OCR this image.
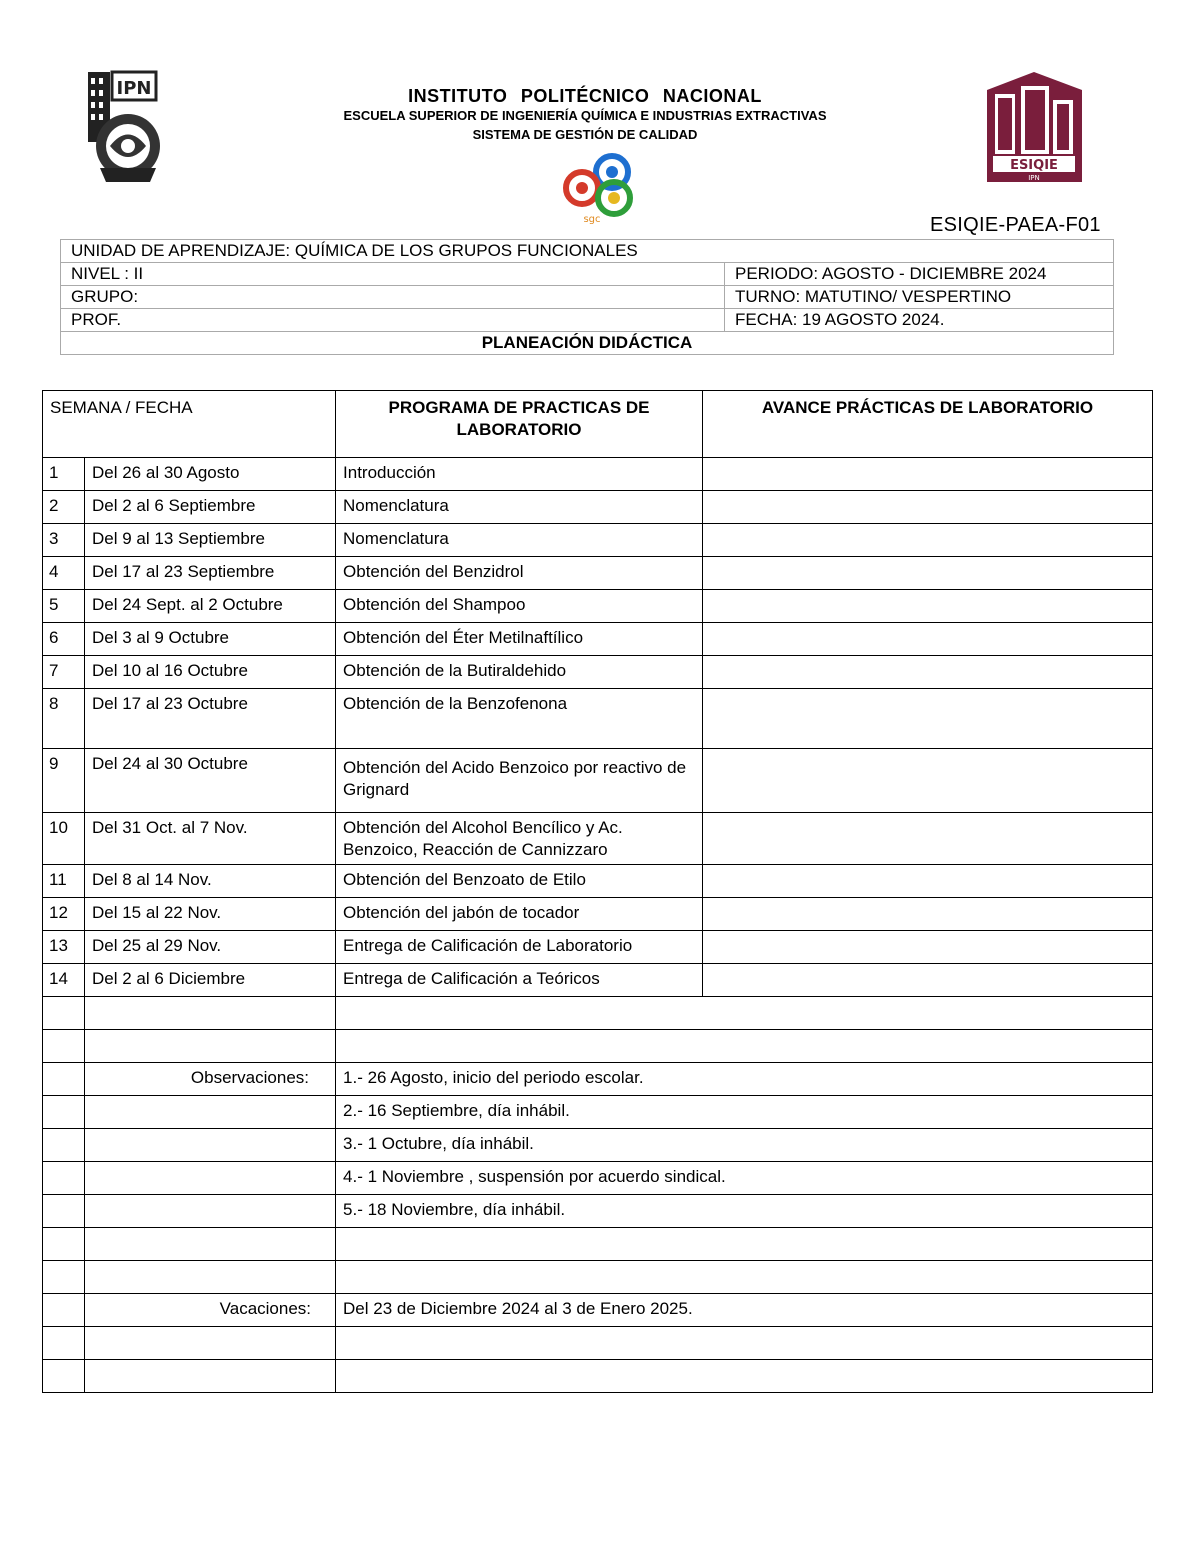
IPN
sgc
ESIQIE
IPN
INSTITUTO POLITÉCNICO NACIONAL
ESCUELA SUPERIOR DE INGENIERÍA QUÍMICA E INDUSTRIAS EXTRACTIVAS
SISTEMA DE GESTIÓN DE CALIDAD
ESIQIE-PAEA-F01
UNIDAD DE APRENDIZAJE: QUÍMICA DE LOS GRUPOS FUNCIONALES	
NIVEL : II	PERIODO: AGOSTO - DICIEMBRE 2024
GRUPO:	TURNO: MATUTINO/ VESPERTINO
PROF.	FECHA: 19 AGOSTO 2024.
PLANEACIÓN DIDÁCTICA	
SEMANA / FECHA		PROGRAMA DE PRACTICAS DE LABORATORIO	AVANCE PRÁCTICAS DE LABORATORIO
1	Del 26 al 30 Agosto	Introducción	
2	Del 2 al 6 Septiembre	Nomenclatura	
3	Del 9 al 13 Septiembre	Nomenclatura	
4	Del 17 al 23 Septiembre	Obtención del Benzidrol	
5	Del 24 Sept. al 2 Octubre	Obtención del Shampoo	
6	Del 3 al 9 Octubre	Obtención del Éter Metilnaftílico	
7	Del 10 al 16 Octubre	Obtención de la Butiraldehido	
8	Del 17 al 23 Octubre	Obtención de la Benzofenona	
9	Del 24 al 30 Octubre	Obtención del Acido Benzoico por reactivo de Grignard	
10	Del 31 Oct. al 7 Nov.	Obtención del Alcohol Bencílico y Ac. Benzoico, Reacción de Cannizzaro	
11	Del 8 al 14 Nov.	Obtención del Benzoato de Etilo	
12	Del 15 al 22 Nov.	Obtención del jabón de tocador	
13	Del 25 al 29 Nov.	Entrega de Calificación de Laboratorio	
14	Del 2 al 6 Diciembre	Entrega de Calificación a Teóricos	

	Observaciones:	1.- 26 Agosto, inicio del periodo escolar.	
		2.- 16 Septiembre, día inhábil.	
		3.- 1 Octubre, día inhábil.	
		4.- 1 Noviembre , suspensión por acuerdo sindical.	
		5.- 18 Noviembre, día inhábil.	

	Vacaciones:	Del 23 de Diciembre 2024 al 3 de Enero 2025.	
